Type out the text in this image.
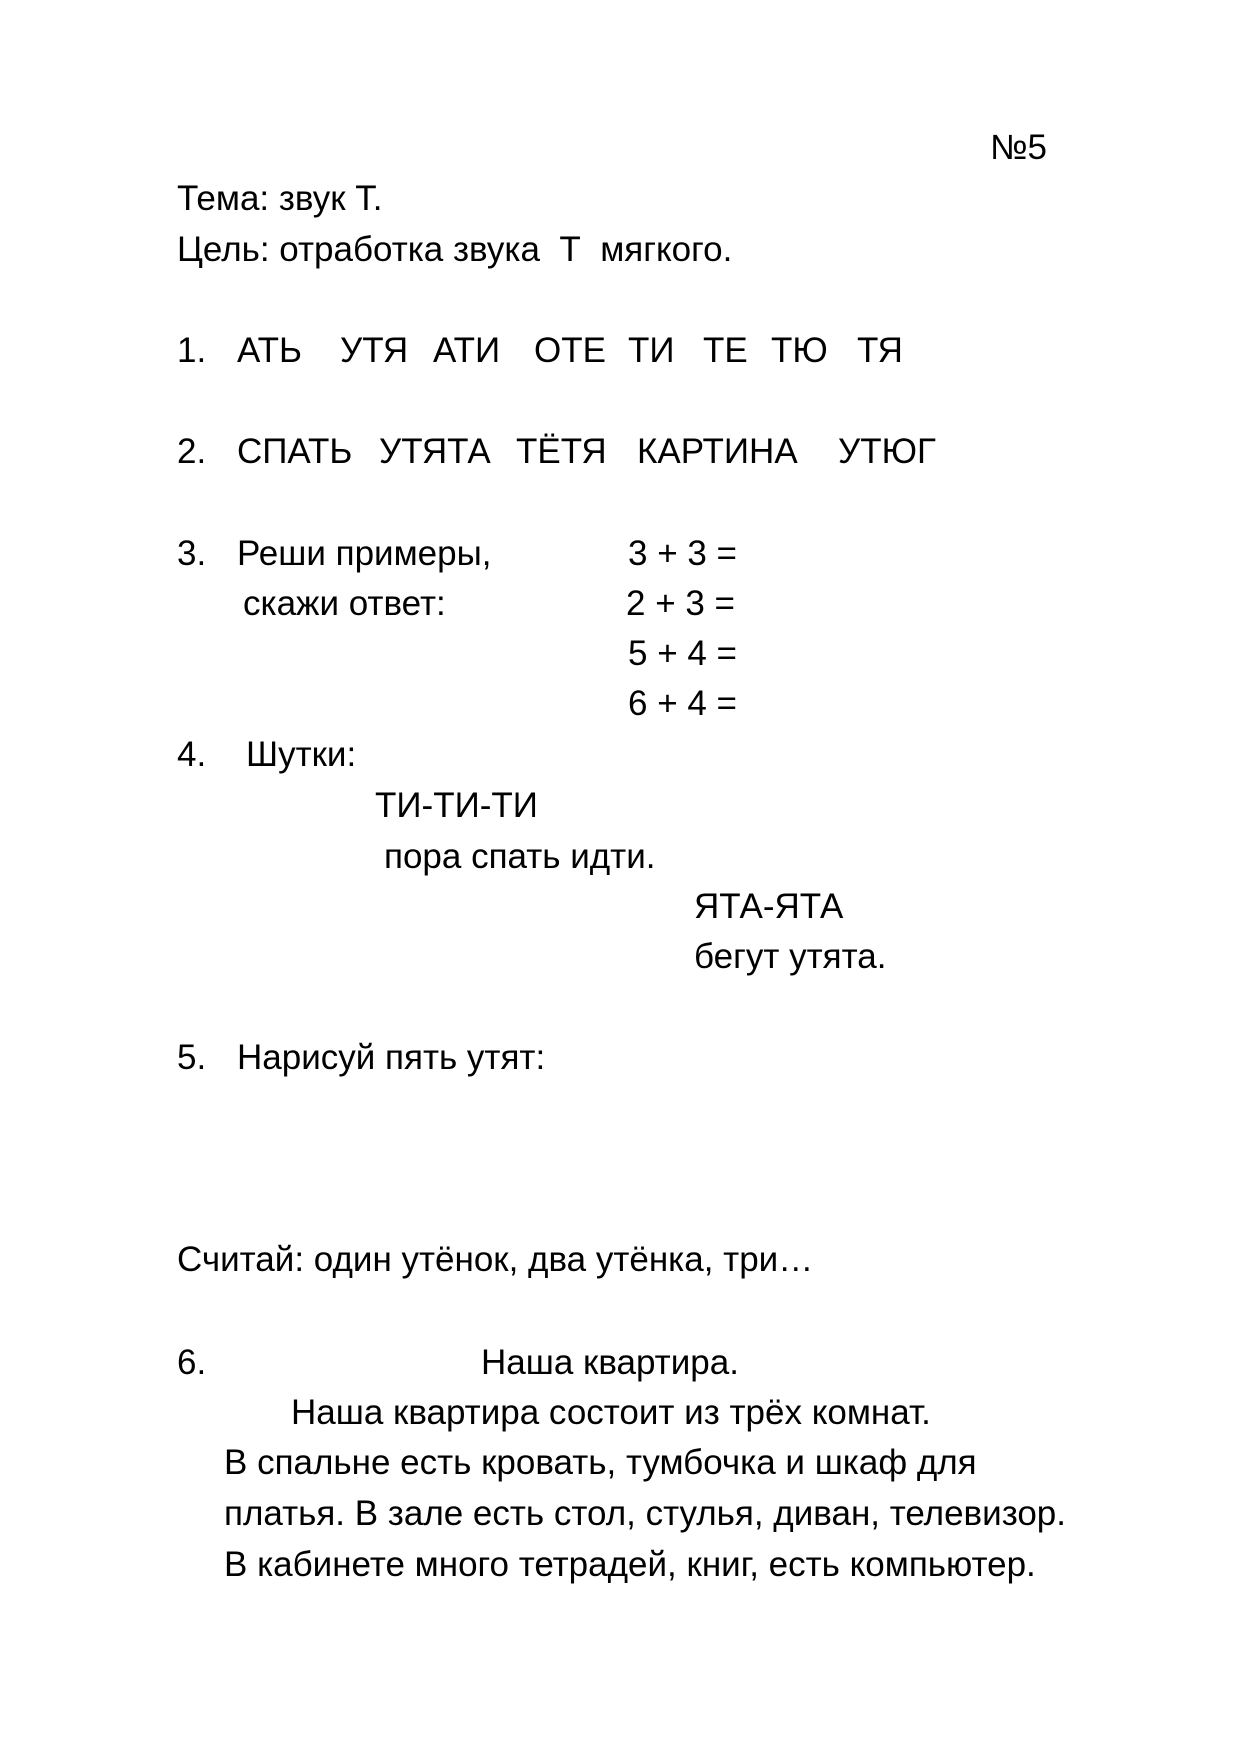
№5
Тема: звук Т.
Цель: отработка звука  Т  мягкого.
1. АТЬ УТЯ АТИ ОТЕ ТИ ТЕ ТЮ ТЯ
2. СПАТЬ УТЯТА ТЁТЯ КАРТИНА УТЮГ
3. Реши примеры,
скажи ответ:
3 + 3 =
2 + 3 =
5 + 4 =
6 + 4 =
4. Шутки:
ТИ-ТИ-ТИ
пора спать идти.
ЯТА-ЯТА
бегут утята.
5. Нарисуй пять утят:
Считай: один утёнок, два утёнка, три…
6.	Наша квартира.
Наша квартира состоит из трёх комнат.
В спальне есть кровать, тумбочка и шкаф для
платья. В зале есть стол, стулья, диван, телевизор.
В кабинете много тетрадей, книг, есть компьютер.
